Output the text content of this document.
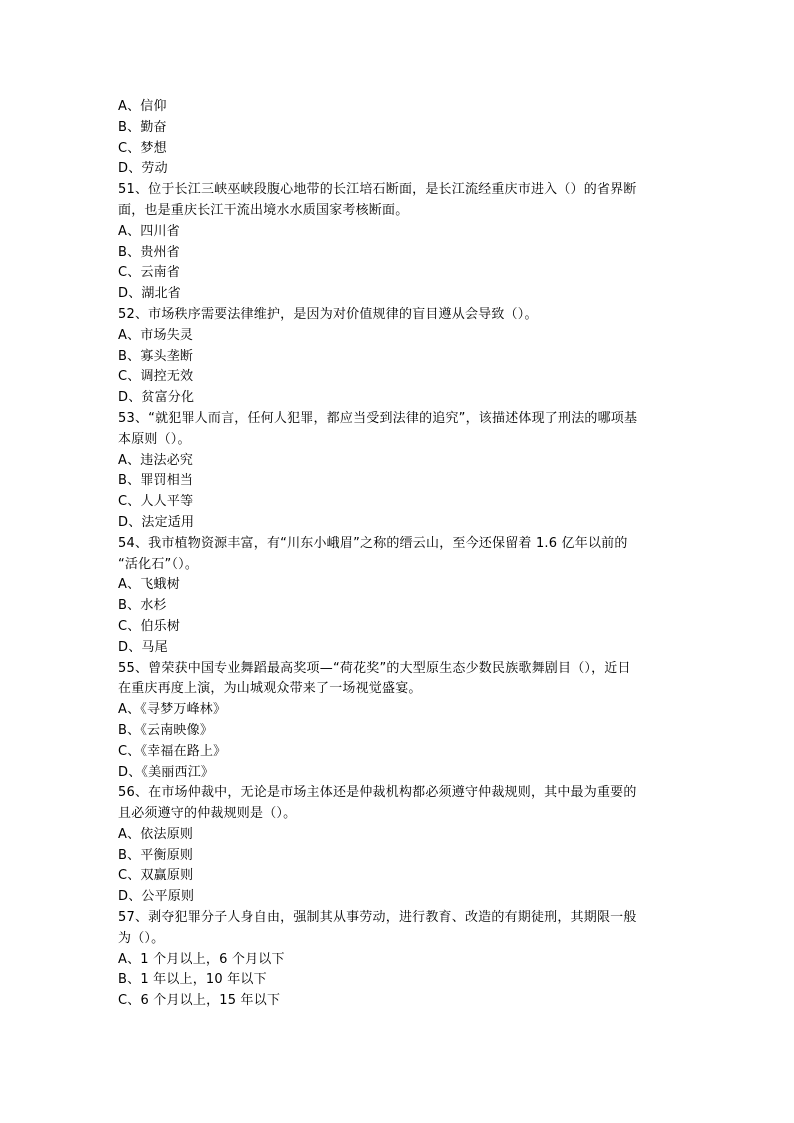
A、信仰
B、勤奋
C、梦想
D、劳动
51、位于长江三峡巫峡段腹心地带的长江培石断面，是长江流经重庆市进入（）的省界断
面，也是重庆长江干流出境水水质国家考核断面。
A、四川省
B、贵州省
C、云南省
D、湖北省
52、市场秩序需要法律维护，是因为对价值规律的盲目遵从会导致（）。
A、市场失灵
B、寡头垄断
C、调控无效
D、贫富分化
53、“就犯罪人而言，任何人犯罪，都应当受到法律的追究”，该描述体现了刑法的哪项基
本原则（）。
A、违法必究
B、罪罚相当
C、人人平等
D、法定适用
54、我市植物资源丰富，有“川东小峨眉”之称的缙云山，至今还保留着 1.6 亿年以前的
“活化石”（）。
A、飞蛾树
B、水杉
C、伯乐树
D、马尾
55、曾荣获中国专业舞蹈最高奖项—“荷花奖”的大型原生态少数民族歌舞剧目（），近日
在重庆再度上演，为山城观众带来了一场视觉盛宴。
A、《寻梦万峰林》
B、《云南映像》
C、《幸福在路上》
D、《美丽西江》
56、在市场仲裁中，无论是市场主体还是仲裁机构都必须遵守仲裁规则，其中最为重要的
且必须遵守的仲裁规则是（）。
A、依法原则
B、平衡原则
C、双赢原则
D、公平原则
57、剥夺犯罪分子人身自由，强制其从事劳动，进行教育、改造的有期徒刑，其期限一般
为（）。
A、1 个月以上，6 个月以下
B、1 年以上，10 年以下
C、6 个月以上，15 年以下
